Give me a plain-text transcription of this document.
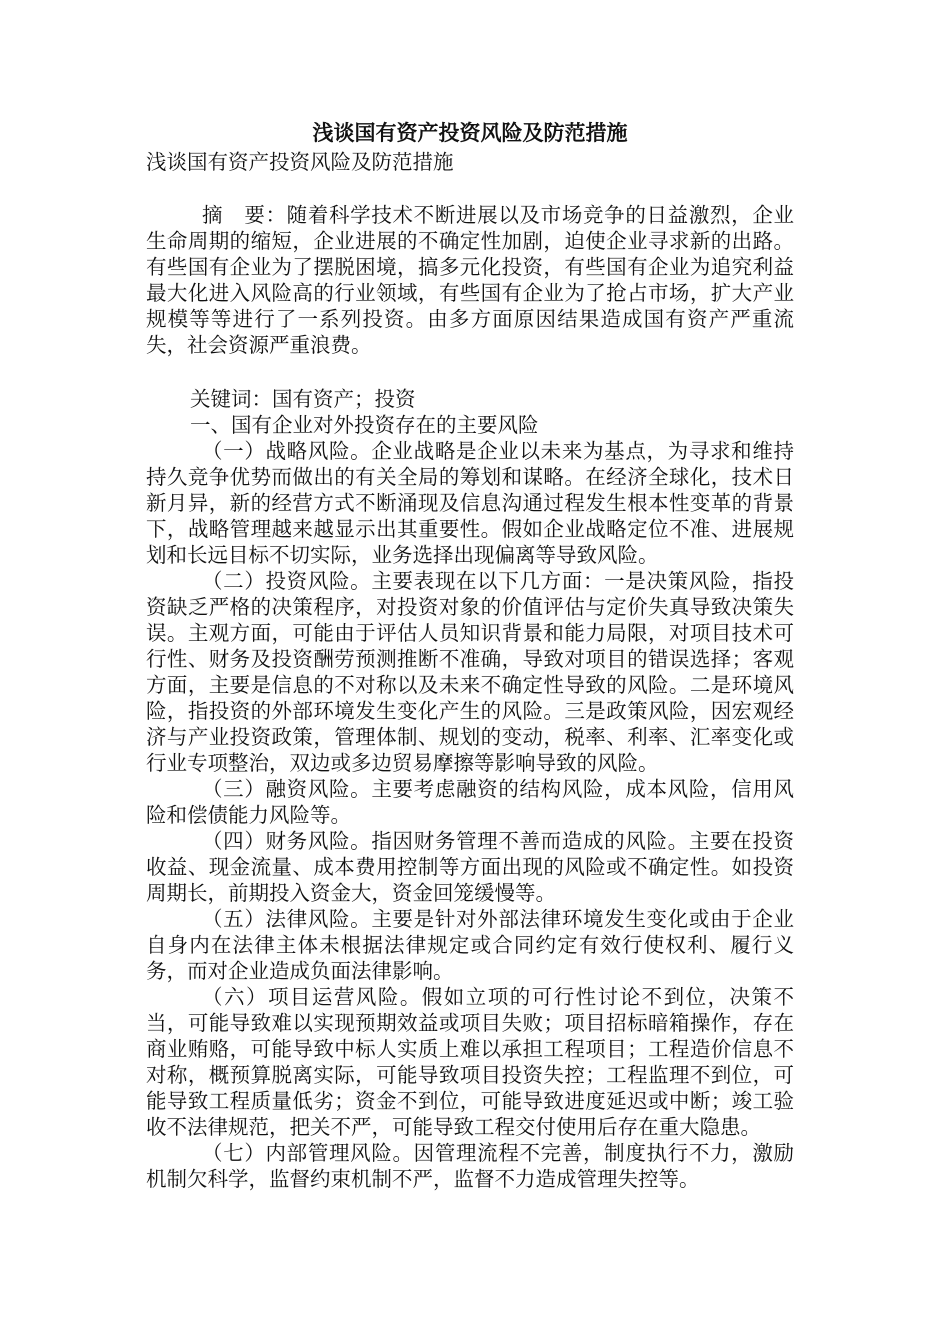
浅谈国有资产投资风险及防范措施

浅谈国有资产投资风险及防范措施

摘　要：随着科学技术不断进展以及市场竞争的日益激烈，企业生命周期的缩短，企业进展的不确定性加剧，迫使企业寻求新的出路。有些国有企业为了摆脱困境，搞多元化投资，有些国有企业为追究利益最大化进入风险高的行业领域，有些国有企业为了抢占市场，扩大产业规模等等进行了一系列投资。由多方面原因结果造成国有资产严重流失，社会资源严重浪费。

关键词：国有资产；投资

一、国有企业对外投资存在的主要风险

（一）战略风险。企业战略是企业以未来为基点，为寻求和维持持久竞争优势而做出的有关全局的筹划和谋略。在经济全球化，技术日新月异，新的经营方式不断涌现及信息沟通过程发生根本性变革的背景下，战略管理越来越显示出其重要性。假如企业战略定位不准、进展规划和长远目标不切实际，业务选择出现偏离等导致风险。

（二）投资风险。主要表现在以下几方面：一是决策风险，指投资缺乏严格的决策程序，对投资对象的价值评估与定价失真导致决策失误。主观方面，可能由于评估人员知识背景和能力局限，对项目技术可行性、财务及投资酬劳预测推断不准确，导致对项目的错误选择；客观方面，主要是信息的不对称以及未来不确定性导致的风险。二是环境风险，指投资的外部环境发生变化产生的风险。三是政策风险，因宏观经济与产业投资政策，管理体制、规划的变动，税率、利率、汇率变化或行业专项整治，双边或多边贸易摩擦等影响导致的风险。

（三）融资风险。主要考虑融资的结构风险，成本风险，信用风险和偿债能力风险等。

（四）财务风险。指因财务管理不善而造成的风险。主要在投资收益、现金流量、成本费用控制等方面出现的风险或不确定性。如投资周期长，前期投入资金大，资金回笼缓慢等。

（五）法律风险。主要是针对外部法律环境发生变化或由于企业自身内在法律主体未根据法律规定或合同约定有效行使权利、履行义务，而对企业造成负面法律影响。

（六）项目运营风险。假如立项的可行性讨论不到位，决策不当，可能导致难以实现预期效益或项目失败；项目招标暗箱操作，存在商业贿赂，可能导致中标人实质上难以承担工程项目；工程造价信息不对称，概预算脱离实际，可能导致项目投资失控；工程监理不到位，可能导致工程质量低劣；资金不到位，可能导致进度延迟或中断；竣工验收不法律规范，把关不严，可能导致工程交付使用后存在重大隐患。

（七）内部管理风险。因管理流程不完善，制度执行不力，激励机制欠科学，监督约束机制不严，监督不力造成管理失控等。
